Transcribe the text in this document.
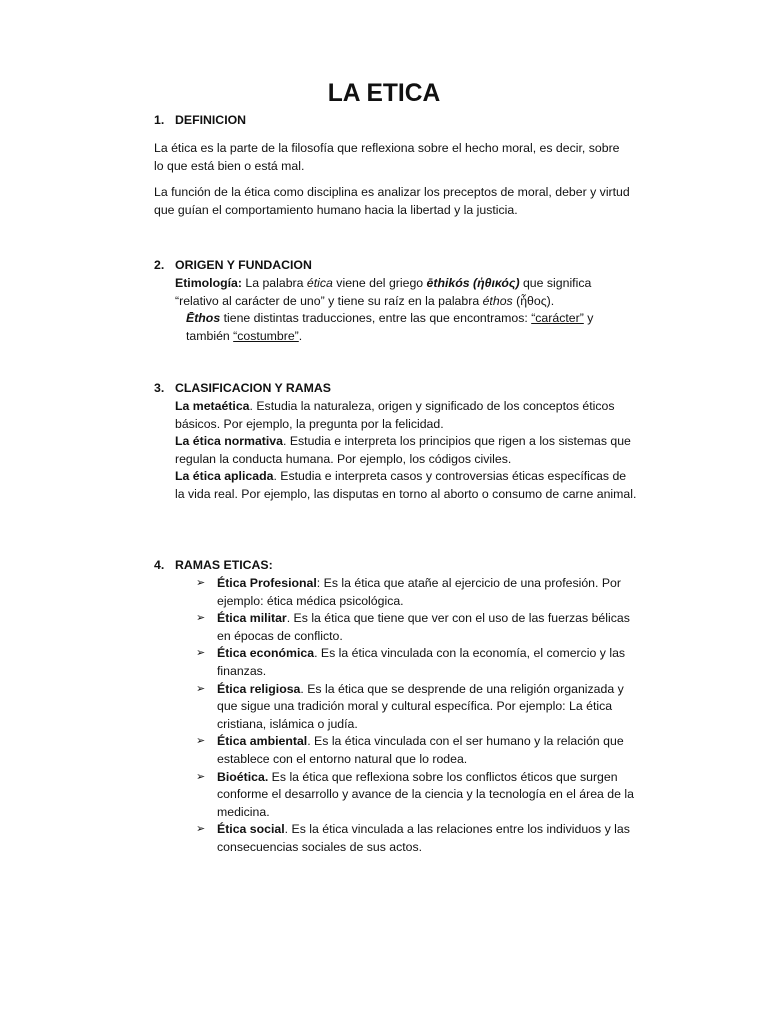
LA ETICA
1. DEFINICION

La ética es la parte de la filosofía que reflexiona sobre el hecho moral, es decir, sobre lo que está bien o está mal.

La función de la ética como disciplina es analizar los preceptos de moral, deber y virtud que guían el comportamiento humano hacia la libertad y la justicia.

2. ORIGEN Y FUNDACION

Etimología: La palabra ética viene del griego ēthikós (ἠθικός) que significa “relativo al carácter de uno” y tiene su raíz en la palabra éthos (ἦθος).

Ēthos tiene distintas traducciones, entre las que encontramos: “carácter” y también “costumbre”.

3. CLASIFICACION Y RAMAS

La metaética. Estudia la naturaleza, origen y significado de los conceptos éticos básicos. Por ejemplo, la pregunta por la felicidad.

La ética normativa. Estudia e interpreta los principios que rigen a los sistemas que regulan la conducta humana. Por ejemplo, los códigos civiles.

La ética aplicada. Estudia e interpreta casos y controversias éticas específicas de la vida real. Por ejemplo, las disputas en torno al aborto o consumo de carne animal.

4. RAMAS ETICAS:
➢ Ética Profesional: Es la ética que atañe al ejercicio de una profesión. Por ejemplo: ética médica psicológica.
➢ Ética militar. Es la ética que tiene que ver con el uso de las fuerzas bélicas en épocas de conflicto.
➢ Ética económica. Es la ética vinculada con la economía, el comercio y las finanzas.
➢ Ética religiosa. Es la ética que se desprende de una religión organizada y que sigue una tradición moral y cultural específica. Por ejemplo: La ética cristiana, islámica o judía.
➢ Ética ambiental. Es la ética vinculada con el ser humano y la relación que establece con el entorno natural que lo rodea.
➢ Bioética. Es la ética que reflexiona sobre los conflictos éticos que surgen conforme el desarrollo y avance de la ciencia y la tecnología en el área de la medicina.
➢ Ética social. Es la ética vinculada a las relaciones entre los individuos y las consecuencias sociales de sus actos.
